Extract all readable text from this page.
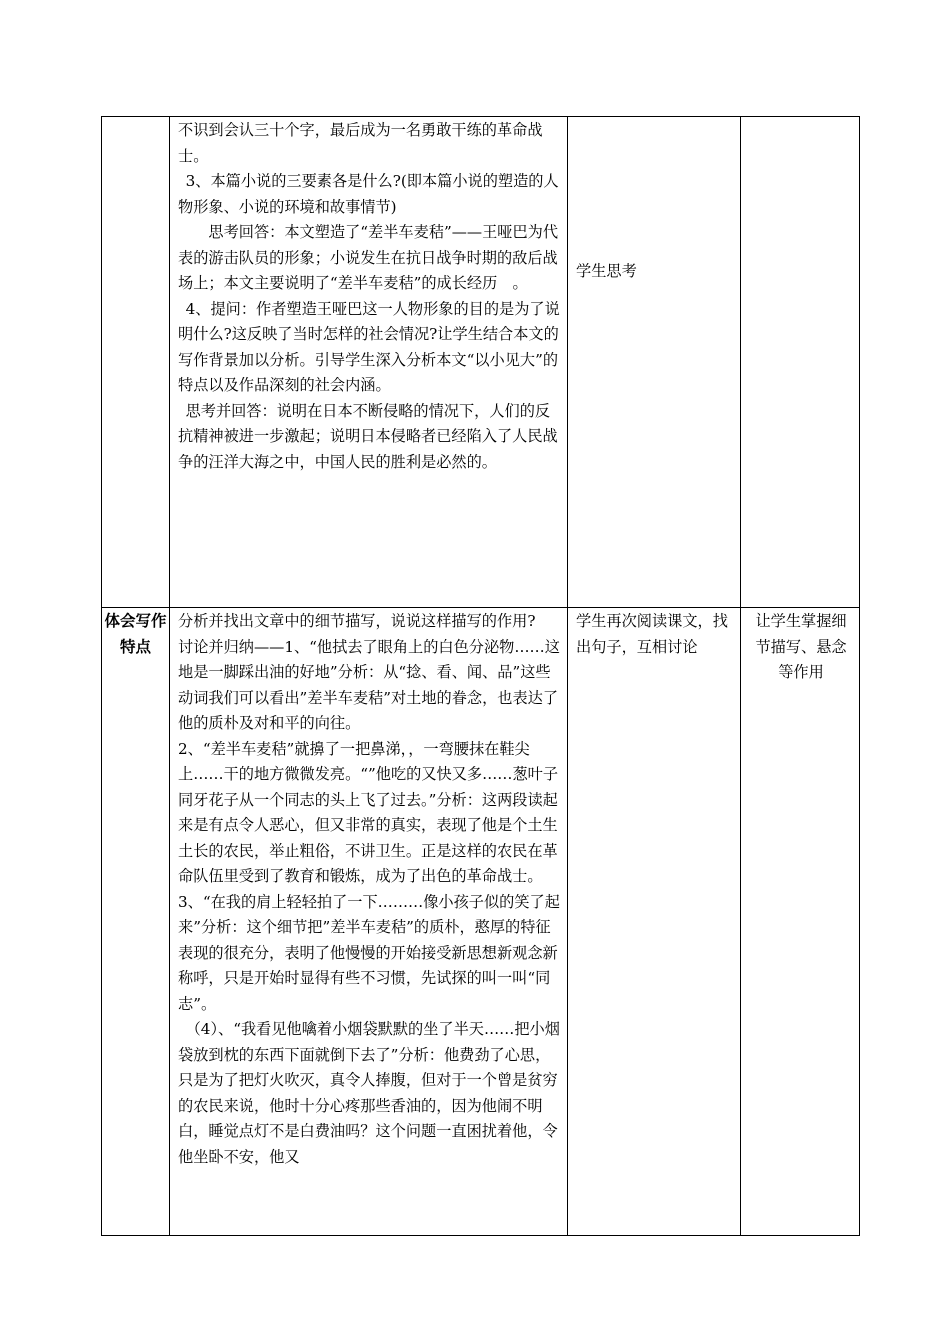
	不识到会认三十个字，最后成为一名勇敢干练的革命战士。

3、本篇小说的三要素各是什么?(即本篇小说的塑造的人物形象、小说的环境和故事情节)

思考回答：本文塑造了“差半车麦秸”——王哑巴为代表的游击队员的形象；小说发生在抗日战争时期的敌后战场上；本文主要说明了“差半车麦秸”的成长经历　。

4、提问：作者塑造王哑巴这一人物形象的目的是为了说明什么?这反映了当时怎样的社会情况?让学生结合本文的写作背景加以分析。引导学生深入分析本文“以小见大”的特点以及作品深刻的社会内涵。

思考并回答：说明在日本不断侵略的情况下，人们的反抗精神被进一步激起；说明日本侵略者已经陷入了人民战争的汪洋大海之中，中国人民的胜利是必然的。	学生思考	

体会写作特点	分析并找出文章中的细节描写，说说这样描写的作用?

讨论并归纳——1、“他拭去了眼角上的白色分泌物……这地是一脚踩出油的好地”分析：从“捻、看、闻、品”这些动词我们可以看出”差半车麦秸”对土地的眷念，也表达了他的质朴及对和平的向往。

2、“差半车麦秸”就擤了一把鼻涕，，一弯腰抹在鞋尖上……干的地方微微发亮。“”他吃的又快又多……葱叶子同牙花子从一个同志的头上飞了过去。”分析：这两段读起来是有点令人恶心，但又非常的真实，表现了他是个土生土长的农民，举止粗俗，不讲卫生。正是这样的农民在革命队伍里受到了教育和锻炼，成为了出色的革命战士。

3、“在我的肩上轻轻拍了一下………像小孩子似的笑了起来”分析：这个细节把”差半车麦秸”的质朴，憨厚的特征表现的很充分，表明了他慢慢的开始接受新思想新观念新称呼，只是开始时显得有些不习惯，先试探的叫一叫“同志”。

（4）、“我看见他噙着小烟袋默默的坐了半天……把小烟袋放到枕的东西下面就倒下去了”分析：他费劲了心思，只是为了把灯火吹灭，真令人捧腹，但对于一个曾是贫穷的农民来说，他时十分心疼那些香油的，因为他闹不明白，睡觉点灯不是白费油吗？这个问题一直困扰着他，令他坐卧不安，他又	学生再次阅读课文，找出句子，互相讨论	让学生掌握细节描写、悬念等作用
